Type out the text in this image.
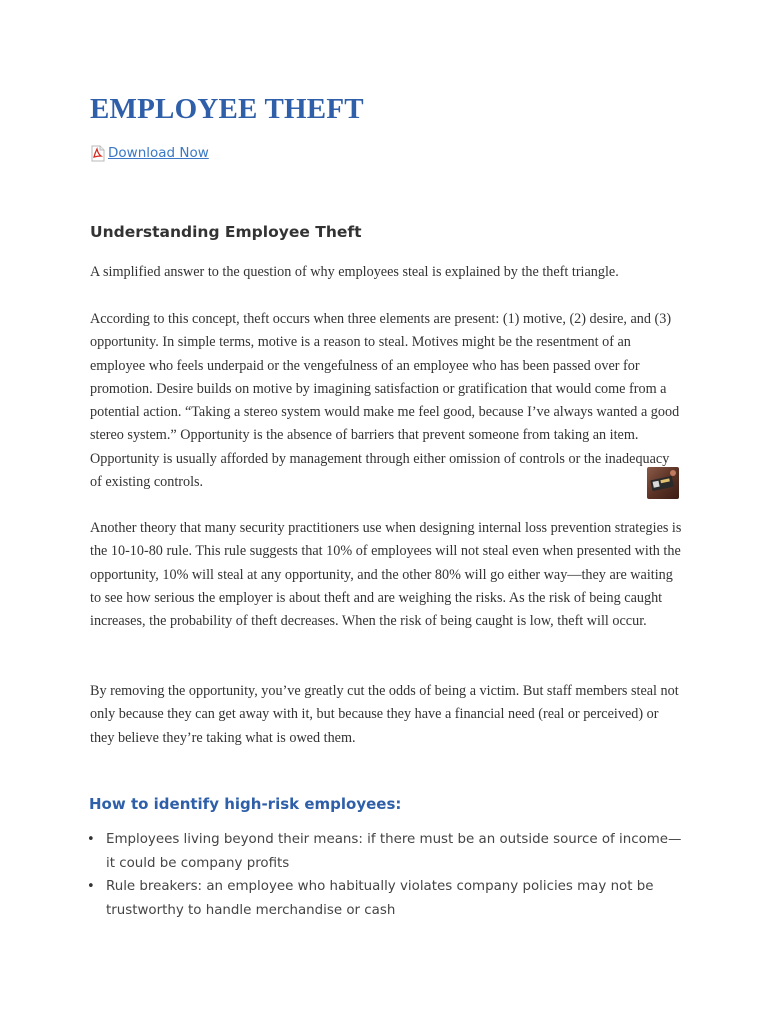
EMPLOYEE THEFT
Download Now
Understanding Employee Theft

A simplified answer to the question of why employees steal is explained by the theft triangle.

According to this concept, theft occurs when three elements are present: (1) motive, (2) desire, and (3) opportunity. In simple terms, motive is a reason to steal. Motives might be the resentment of an employee who feels underpaid or the vengefulness of an employee who has been passed over for promotion. Desire builds on motive by imagining satisfaction or gratification that would come from a potential action. “Taking a stereo system would make me feel good, because I’ve always wanted a good stereo system.” Opportunity is the absence of barriers that prevent someone from taking an item. Opportunity is usually afforded by management through either omission of controls or the inadequacy of existing controls.

Another theory that many security practitioners use when designing internal loss prevention strategies is the 10-10-80 rule. This rule suggests that 10% of employees will not steal even when presented with the opportunity, 10% will steal at any opportunity, and the other 80% will go either way—they are waiting to see how serious the employer is about theft and are weighing the risks. As the risk of being caught increases, the probability of theft decreases. When the risk of being caught is low, theft will occur.

By removing the opportunity, you’ve greatly cut the odds of being a victim. But staff members steal not only because they can get away with it, but because they have a financial need (real or perceived) or they believe they’re taking what is owed them.

How to identify high-risk employees:
• Employees living beyond their means: if there must be an outside source of income—it could be company profits
• Rule breakers: an employee who habitually violates company policies may not be trustworthy to handle merchandise or cash
